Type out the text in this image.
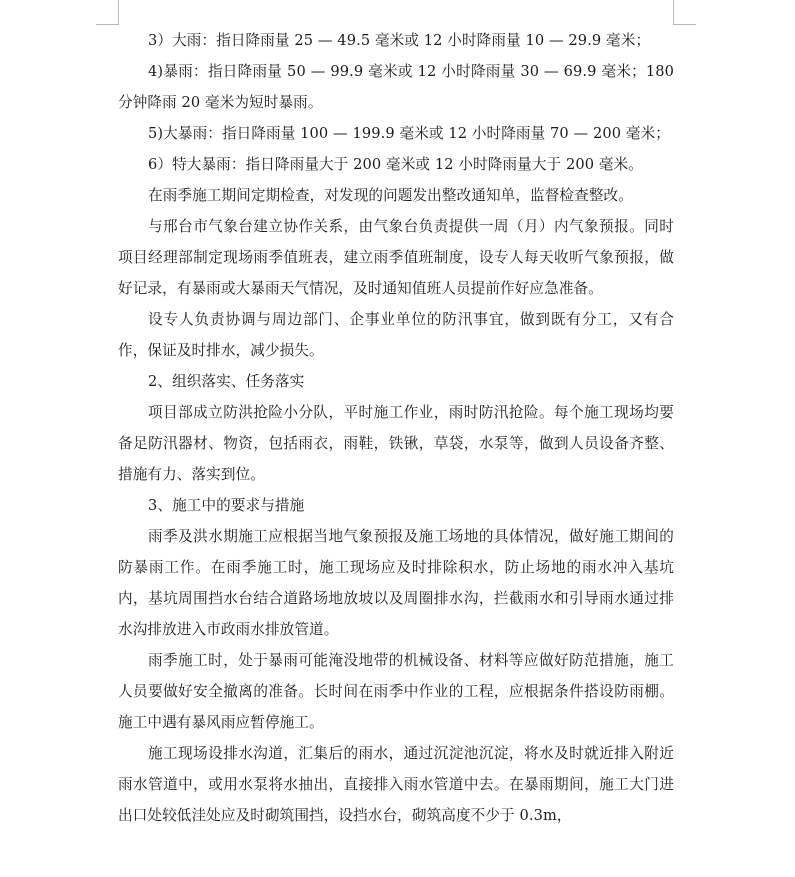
3）大雨：指日降雨量 25 — 49.5 毫米或 12 小时降雨量 10 — 29.9 毫米；

4)暴雨：指日降雨量 50 — 99.9 毫米或 12 小时降雨量 30 — 69.9 毫米；180 分钟降雨 20 毫米为短时暴雨。

5)大暴雨：指日降雨量 100 — 199.9 毫米或 12 小时降雨量 70 — 200 毫米；

6）特大暴雨：指日降雨量大于 200 毫米或 12 小时降雨量大于 200 毫米。

在雨季施工期间定期检查，对发现的问题发出整改通知单，监督检查整改。

与邢台市气象台建立协作关系，由气象台负责提供一周（月）内气象预报。同时项目经理部制定现场雨季值班表，建立雨季值班制度，设专人每天收听气象预报，做好记录，有暴雨或大暴雨天气情况，及时通知值班人员提前作好应急准备。

设专人负责协调与周边部门、企事业单位的防汛事宜，做到既有分工，又有合作，保证及时排水，减少损失。

2、组织落实、任务落实

项目部成立防洪抢险小分队，平时施工作业，雨时防汛抢险。每个施工现场均要备足防汛器材、物资，包括雨衣，雨鞋，铁锹，草袋，水泵等，做到人员设备齐整、措施有力、落实到位。

3、施工中的要求与措施

雨季及洪水期施工应根据当地气象预报及施工场地的具体情况，做好施工期间的防暴雨工作。在雨季施工时，施工现场应及时排除积水，防止场地的雨水冲入基坑内，基坑周围挡水台结合道路场地放坡以及周圈排水沟，拦截雨水和引导雨水通过排水沟排放进入市政雨水排放管道。

雨季施工时，处于暴雨可能淹没地带的机械设备、材料等应做好防范措施，施工人员要做好安全撤离的准备。长时间在雨季中作业的工程，应根据条件搭设防雨棚。施工中遇有暴风雨应暂停施工。

施工现场设排水沟道，汇集后的雨水，通过沉淀池沉淀，将水及时就近排入附近雨水管道中，或用水泵将水抽出，直接排入雨水管道中去。在暴雨期间，施工大门进出口处较低洼处应及时砌筑围挡，设挡水台，砌筑高度不少于 0.3m，
